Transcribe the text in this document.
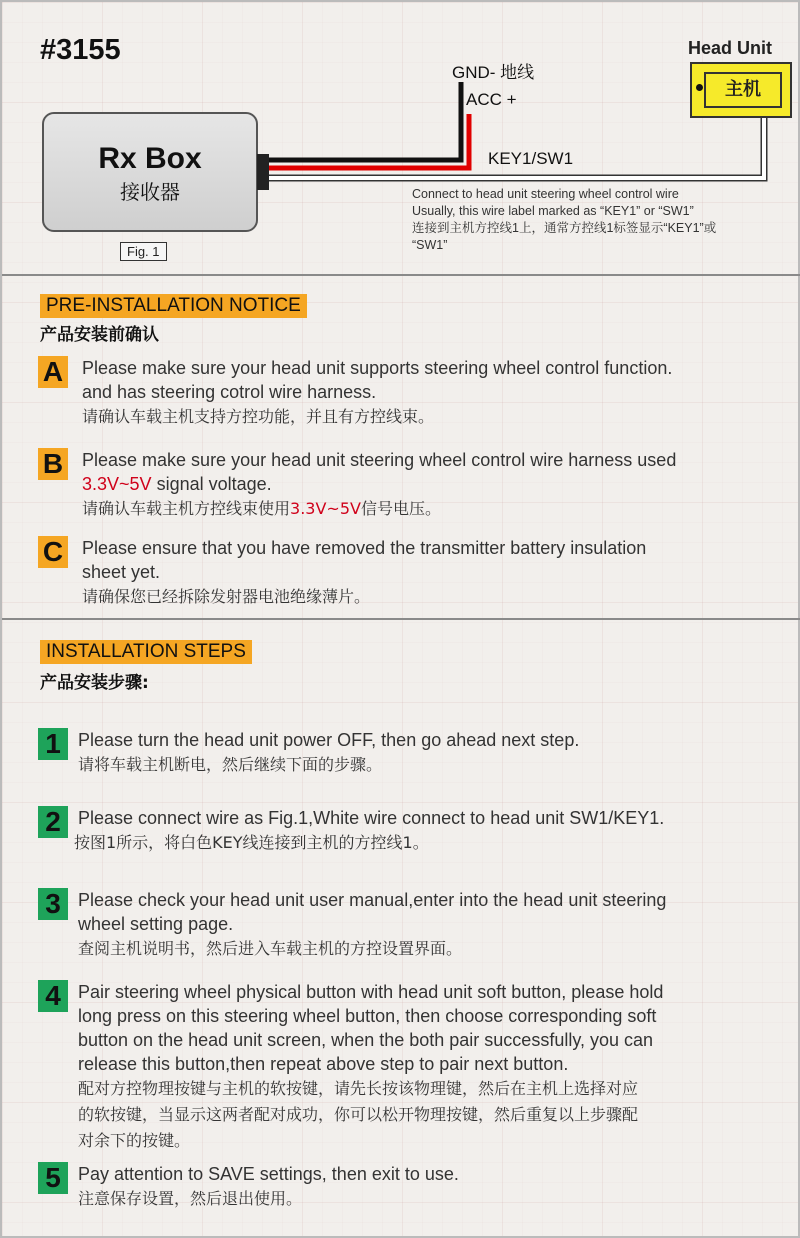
#3155
Rx Box
接收器
Fig. 1
Head Unit
主机
GND- 地线
ACC +
KEY1/SW1
Connect to head unit steering wheel control wire
Usually, this wire label marked as “KEY1” or “SW1”
连接到主机方控线1上，通常方控线1标签显示“KEY1”或
“SW1”
PRE-INSTALLATION NOTICE
产品安装前确认
A Please make sure your head unit supports steering wheel control function.
and has steering cotrol wire harness.
请确认车载主机支持方控功能，并且有方控线束。
B Please make sure your head unit steering wheel control wire harness used
3.3V~5V signal voltage.
请确认车载主机方控线束使用3.3V~5V信号电压。
C Please ensure that you have removed the transmitter battery insulation
sheet yet.
请确保您已经拆除发射器电池绝缘薄片。
INSTALLATION STEPS
产品安装步骤:
1 Please turn the head unit power OFF, then go ahead next step.
请将车载主机断电，然后继续下面的步骤。
2 Please connect wire as Fig.1,White wire connect to head unit SW1/KEY1.
按图1所示，将白色KEY线连接到主机的方控线1。
3 Please check your head unit user manual,enter into the head unit steering
wheel setting page.
查阅主机说明书，然后进入车载主机的方控设置界面。
4 Pair steering wheel physical button with head unit soft button, please hold
long press on this steering wheel button, then choose corresponding soft
button on the head unit screen, when the both pair successfully, you can
release this button,then repeat above step to pair next button.
配对方控物理按键与主机的软按键，请先长按该物理键，然后在主机上选择对应
的软按键，当显示这两者配对成功，你可以松开物理按键，然后重复以上步骤配
对余下的按键。
5 Pay attention to SAVE settings, then exit to use.
注意保存设置，然后退出使用。
